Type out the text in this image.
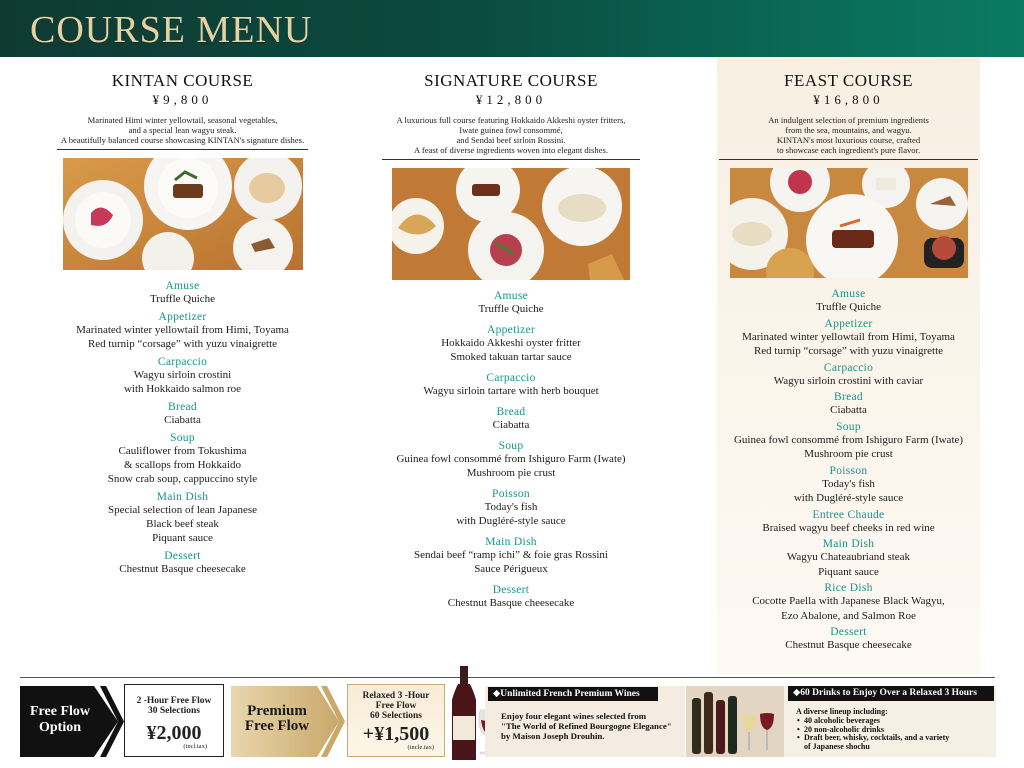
COURSE MENU
KINTAN COURSE
¥9,800
Marinated Himi winter yellowtail, seasonal vegetables,
and a special lean wagyu steak.
A beautifully balanced course showcasing KINTAN's signature dishes.
Amuse
Truffle Quiche
Appetizer
Marinated winter yellowtail from Himi, Toyama
Red turnip “corsage” with yuzu vinaigrette
Carpaccio
Wagyu sirloin crostini
with Hokkaido salmon roe
Bread
Ciabatta
Soup
Cauliflower from Tokushima
& scallops from Hokkaido
Snow crab soup, cappuccino style
Main Dish
Special selection of lean Japanese
Black beef steak
Piquant sauce
Dessert
Chestnut Basque cheesecake
SIGNATURE COURSE
¥12,800
A luxurious full course featuring Hokkaido Akkeshi oyster fritters,
Iwate guinea fowl consommé,
and Sendai beef sirloin Rossini.
A feast of diverse ingredients woven into elegant dishes.
Amuse
Truffle Quiche
Appetizer
Hokkaido Akkeshi oyster fritter
Smoked takuan tartar sauce
Carpaccio
Wagyu sirloin tartare with herb bouquet
Bread
Ciabatta
Soup
Guinea fowl consommé from Ishiguro Farm (Iwate)
Mushroom pie crust
Poisson
Today's fish
with Dugléré-style sauce
Main Dish
Sendai beef “ramp ichi” & foie gras Rossini
Sauce Périgueux
Dessert
Chestnut Basque cheesecake
FEAST COURSE
¥16,800
An indulgent selection of premium ingredients
from the sea, mountains, and wagyu.
KINTAN's most luxurious course, crafted
to showcase each ingredient's pure flavor.
Amuse
Truffle Quiche
Appetizer
Marinated winter yellowtail from Himi, Toyama
Red turnip “corsage” with yuzu vinaigrette
Carpaccio
Wagyu sirloin crostini with caviar
Bread
Ciabatta
Soup
Guinea fowl consommé from Ishiguro Farm (Iwate)
Mushroom pie crust
Poisson
Today's fish
with Dugléré-style sauce
Entree Chaude
Braised wagyu beef cheeks in red wine
Main Dish
Wagyu Chateaubriand steak
Piquant sauce
Rice Dish
Cocotte Paella with Japanese Black Wagyu,
Ezo Abalone, and Salmon Roe
Dessert
Chestnut Basque cheesecake
Free Flow
Option
2 -Hour Free Flow
30 Selections
¥2,000
(incl.tax)
Premium
Free Flow
Relaxed 3 -Hour
Free Flow
60 Selections
+¥1,500
(incle.tax)
◆Unlimited French Premium Wines
Enjoy four elegant wines selected from
"The World of Refined Bourgogne Elegance"
by Maison Joseph Drouhin.
◆60 Drinks to Enjoy Over a Relaxed 3 Hours
A diverse lineup including:
• 40 alcoholic beverages
• 20 non-alcoholic drinks
• Draft beer, whisky, cocktails, and a variety
of Japanese shochu
